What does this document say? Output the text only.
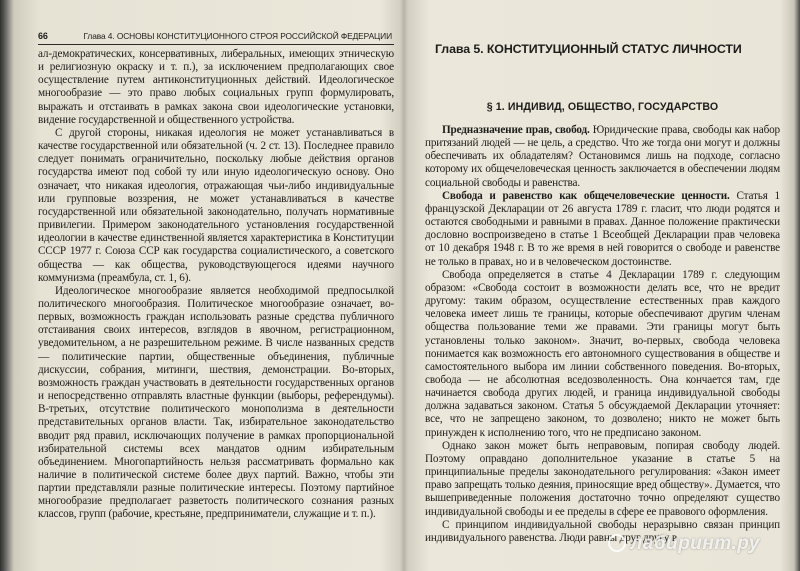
66	Глава 4. ОСНОВЫ КОНСТИТУЦИОННОГО СТРОЯ РОССИЙСКОЙ ФЕДЕРАЦИИ

ал-демократических, консервативных, либеральных, имеющих этническую и религиозную окраску и т. п.), за исключением предполагающих свое осуществление путем антиконституционных действий. Идеологическое многообразие — это право любых социальных групп формулировать, выражать и отстаивать в рамках закона свои идеологические установки, видение государственной и общественного устройства.

С другой стороны, никакая идеология не может устанавливаться в качестве государственной или обязательной (ч. 2 ст. 13). Последнее правило следует понимать ограничительно, поскольку любые действия органов государства имеют под собой ту или иную идеологическую основу. Оно означает, что никакая идеология, отражающая чьи-либо индивидуальные или групповые воззрения, не может устанавливаться в качестве государственной или обязательной законодательно, получать нормативные привилегии. Примером законодательного установления государственной идеологии в качестве единственной является характеристика в Конституции СССР 1977 г. Союза ССР как государства социалистического, а советского общества — как общества, руководствующегося идеями научного коммунизма (преамбула, ст. 1, 6).

Идеологическое многообразие является необходимой предпосылкой политического многообразия. Политическое многообразие означает, во-первых, возможность граждан использовать разные средства публичного отстаивания своих интересов, взглядов в явочном, регистрационном, уведомительном, а не разрешительном режиме. В числе названных средств — политические партии, общественные объединения, публичные дискуссии, собрания, митинги, шествия, демонстрации. Во-вторых, возможность граждан участвовать в деятельности государственных органов и непосредственно отправлять властные функции (выборы, референдумы). В-третьих, отсутствие политического монополизма в деятельности представительных органов власти. Так, избирательное законодательство вводит ряд правил, исключающих получение в рамках пропорциональной избирательной системы всех мандатов одним избирательным объединением. Многопартийность нельзя рассматривать формально как наличие в политической системе более двух партий. Важно, чтобы эти партии представляли разные политические интересы. Поэтому партийное многообразие предполагает разветость политического сознания разных классов, групп (рабочие, крестьяне, предприниматели, служащие и т. п.).

Глава 5. КОНСТИТУЦИОННЫЙ СТАТУС ЛИЧНОСТИ
§ 1. ИНДИВИД, ОБЩЕСТВО, ГОСУДАРСТВО

Предназначение прав, свобод. Юридические права, свободы как набор притязаний людей — не цель, а средство. Что же тогда они могут и должны обеспечивать их обладателям? Остановимся лишь на подходе, согласно которому их общечеловеческая ценность заключается в обеспечении людям социальной свободы и равенства.

Свобода и равенство как общечеловеческие ценности. Статья 1 французской Декларации от 26 августа 1789 г. гласит, что люди родятся и остаются свободными и равными в правах. Данное положение практически дословно воспроизведено в статье 1 Всеобщей Декларации прав человека от 10 декабря 1948 г. В то же время в ней говорится о свободе и равенстве не только в правах, но и в человеческом достоинстве.

Свобода определяется в статье 4 Декларации 1789 г. следующим образом: «Свобода состоит в возможности делать все, что не вредит другому: таким образом, осуществление естественных прав каждого человека имеет лишь те границы, которые обеспечивают другим членам общества пользование теми же правами. Эти границы могут быть установлены только законом». Значит, во-первых, свобода человека понимается как возможность его автономного существования в обществе и самостоятельного выбора им линии собственного поведения. Во-вторых, свобода — не абсолютная вседозволенность. Она кончается там, где начинается свобода других людей, и граница индивидуальной свободы должна задаваться законом. Статья 5 обсуждаемой Декларации уточняет: все, что не запрещено законом, то дозволено; никто не может быть принужден к исполнению того, что не предписано законом.

Однако закон может быть неправовым, попирая свободу людей. Поэтому оправдано дополнительное указание в статье 5 на принципиальные пределы законодательного регулирования: «Закон имеет право запрещать только деяния, приносящие вред обществу». Думается, что вышеприведенные положения достаточно точно определяют существо индивидуальной свободы и ее пределы в сфере ее правового оформления.

С принципом индивидуальной свободы неразрывно связан принцип индивидуального равенства. Люди равны друг другу в

лабиринт.ру
